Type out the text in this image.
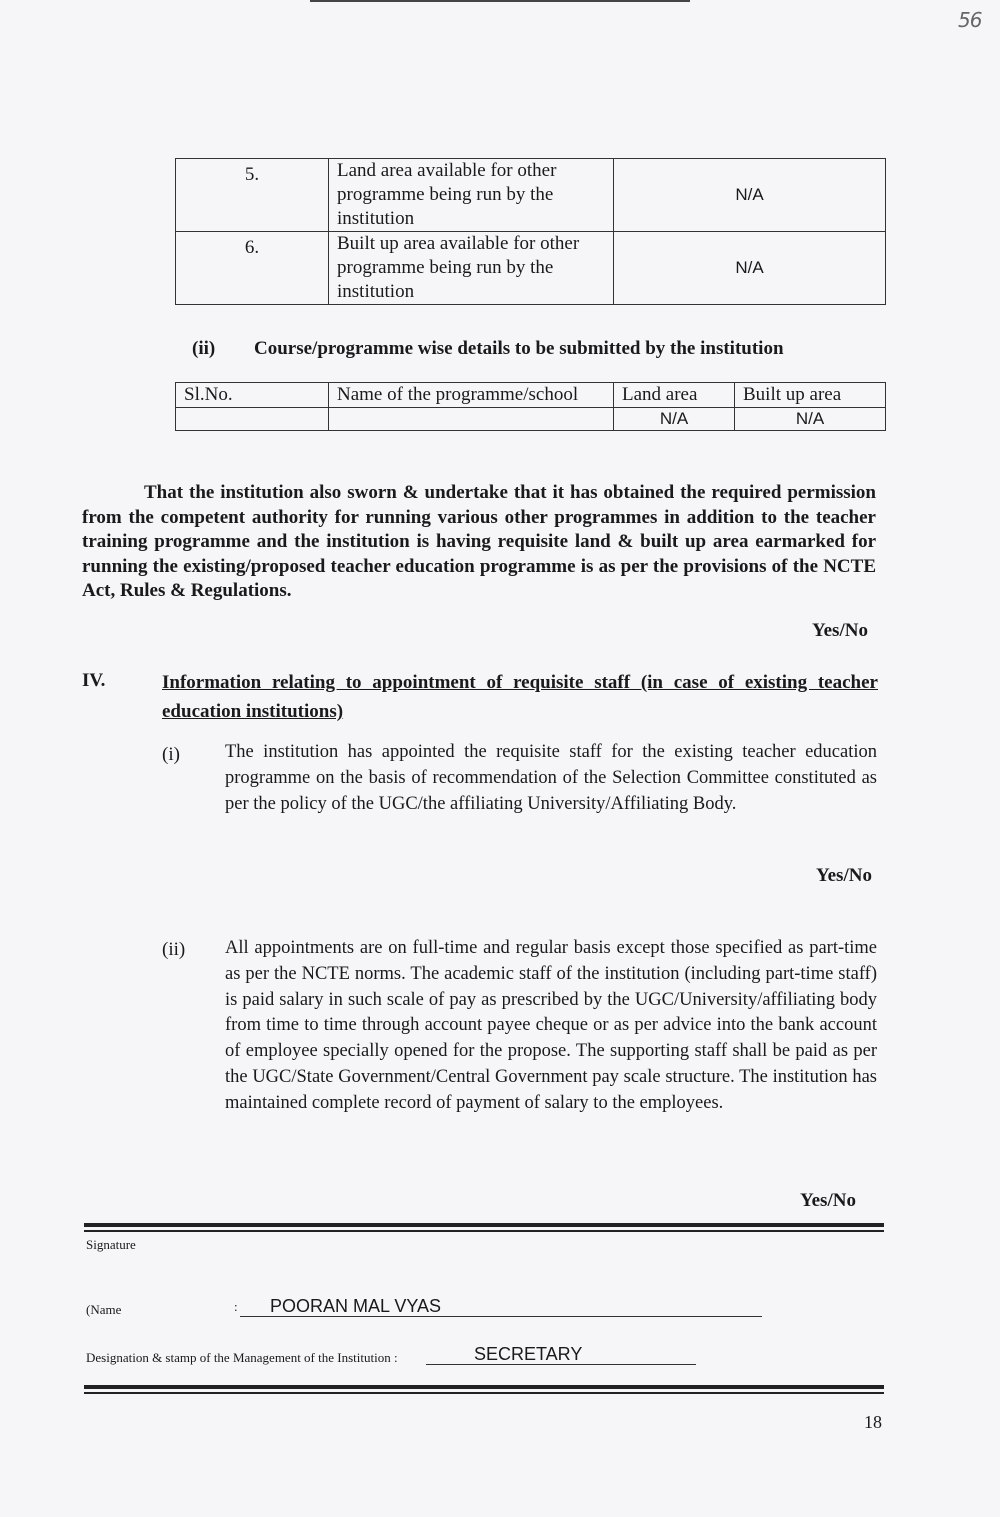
56
5.	Land area available for other programme being run by the institution	N/A
6.	Built up area available for other programme being run by the institution	N/A
(ii) Course/programme wise details to be submitted by the institution
Sl.No.	Name of the programme/school	Land area	Built up area
		N/A	N/A
That the institution also sworn & undertake that it has obtained the required permission from the competent authority for running various other programmes in addition to the teacher training programme and the institution is having requisite land & built up area earmarked for running the existing/proposed teacher education programme is as per the provisions of the NCTE Act, Rules & Regulations.
Yes/No
IV.	Information relating to appointment of requisite staff (in case of existing teacher education institutions)
(i) The institution has appointed the requisite staff for the existing teacher education programme on the basis of recommendation of the Selection Committee constituted as per the policy of the UGC/the affiliating University/Affiliating Body.
Yes/No
(ii) All appointments are on full-time and regular basis except those specified as part-time as per the NCTE norms. The academic staff of the institution (including part-time staff) is paid salary in such scale of pay as prescribed by the UGC/University/affiliating body from time to time through account payee cheque or as per advice into the bank account of employee specially opened for the propose. The supporting staff shall be paid as per the UGC/State Government/Central Government pay scale structure. The institution has maintained complete record of payment of salary to the employees.
Yes/No
Signature
(Name	:	POORAN MAL VYAS
Designation & stamp of the Management of the Institution :	SECRETARY
18
